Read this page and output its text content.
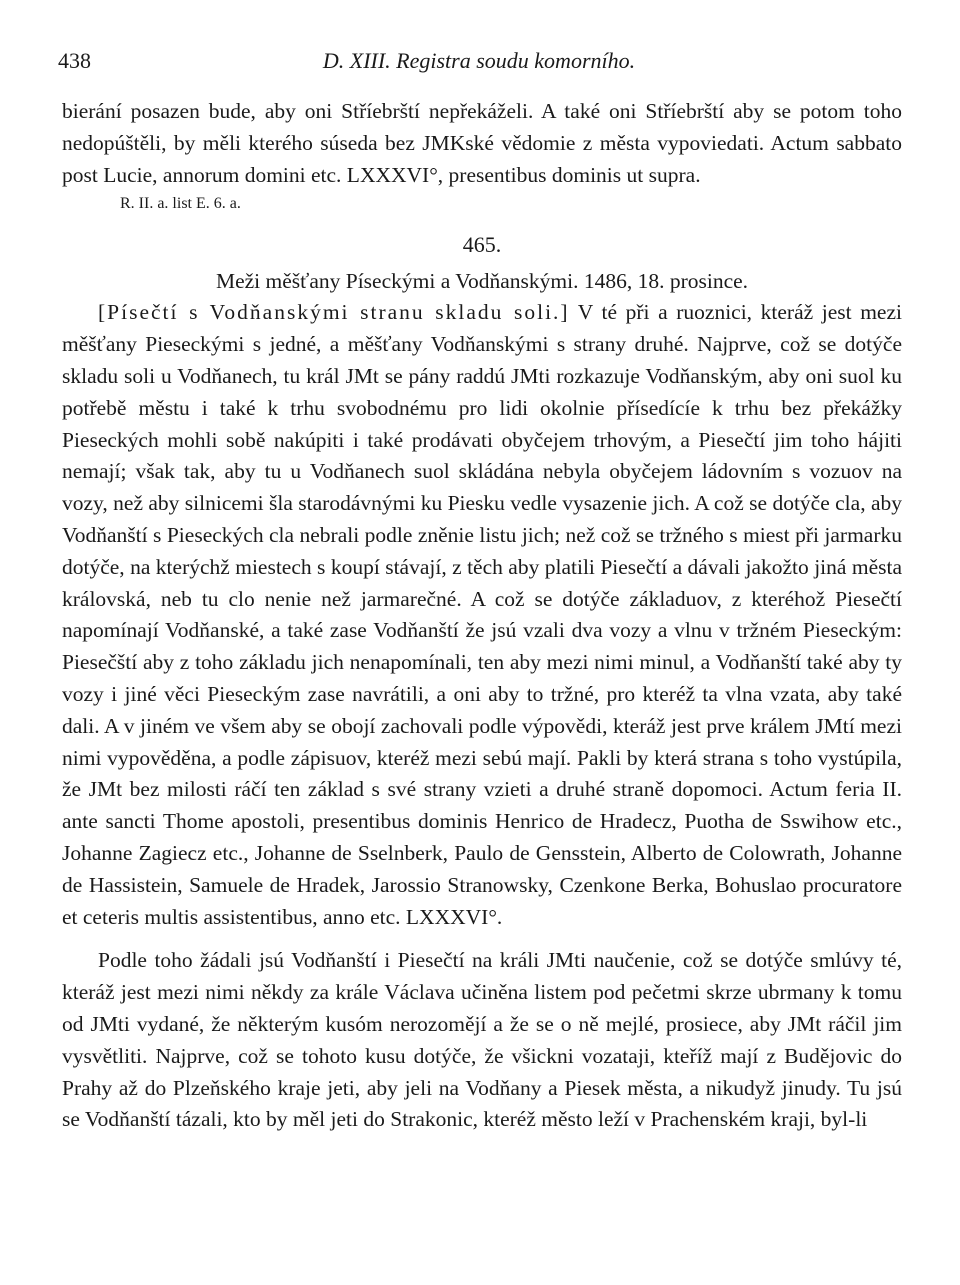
438	D. XIII. Registra soudu komorního.

bierání posazen bude, aby oni Stříebrští nepřekáželi. A také oni Stříebrští aby se potom toho nedopúštěli, by měli kterého súseda bez JMKské vědomie z města vypoviedati. Actum sabbato post Lucie, annorum domini etc. LXXXVI°, presentibus dominis ut supra.

R. II. a. list E. 6. a.

465.

Meži měšťany Píseckými a Vodňanskými. 1486, 18. prosince.

[Písečtí s Vodňanskými stranu skladu soli.] V té při a ruoznici, kteráž jest mezi měšťany Pieseckými s jedné, a měšťany Vodňanskými s strany druhé. Najprve, což se dotýče skladu soli u Vodňanech, tu král JMt se pány raddú JMti rozkazuje Vodňanským, aby oni suol ku potřebě městu i také k trhu svobodnému pro lidi okolnie přísedícíe k trhu bez překážky Pieseckých mohli sobě nakúpiti i také prodávati obyčejem trhovým, a Piesečtí jim toho hájiti nemají; však tak, aby tu u Vodňanech suol skládána nebyla obyčejem ládovním s vozuov na vozy, než aby silnicemi šla starodávnými ku Piesku vedle vysazenie jich. A což se dotýče cla, aby Vodňanští s Pieseckých cla nebrali podle zněnie listu jich; než což se tržného s miest při jarmarku dotýče, na kterýchž miestech s koupí stávají, z těch aby platili Piesečtí a dávali jakožto jiná města královská, neb tu clo nenie než jarmarečné. A což se dotýče základuov, z kteréhož Piesečtí napomínají Vodňanské, a také zase Vodňanští že jsú vzali dva vozy a vlnu v tržném Pieseckým: Piesečští aby z toho základu jich nenapomínali, ten aby mezi nimi minul, a Vodňanští také aby ty vozy i jiné věci Pieseckým zase navrátili, a oni aby to tržné, pro kteréž ta vlna vzata, aby také dali. A v jiném ve všem aby se obojí zachovali podle výpovědi, kteráž jest prve králem JMtí mezi nimi vypověděna, a podle zápisuov, kteréž mezi sebú mají. Pakli by která strana s toho vystúpila, že JMt bez milosti ráčí ten základ s své strany vzieti a druhé straně dopomoci. Actum feria II. ante sancti Thome apostoli, presentibus dominis Henrico de Hradecz, Puotha de Sswihow etc., Johanne Zagiecz etc., Johanne de Sselnberk, Paulo de Gensstein, Alberto de Colowrath, Johanne de Hassistein, Samuele de Hradek, Jarossio Stranowsky, Czenkone Berka, Bohuslao procuratore et ceteris multis assistentibus, anno etc. LXXXVI°.

Podle toho žádali jsú Vodňanští i Piesečtí na králi JMti naučenie, což se dotýče smlúvy té, kteráž jest mezi nimi někdy za krále Václava učiněna listem pod pečetmi skrze ubrmany k tomu od JMti vydané, že některým kusóm nerozomějí a že se o ně mejlé, prosiece, aby JMt ráčil jim vysvětliti. Najprve, což se tohoto kusu dotýče, že všickni vozataji, kteříž mají z Budějovic do Prahy až do Plzeňského kraje jeti, aby jeli na Vodňany a Piesek města, a nikudyž jinudy. Tu jsú se Vodňanští tázali, kto by měl jeti do Strakonic, kteréž město leží v Prachenském kraji, byl-li
